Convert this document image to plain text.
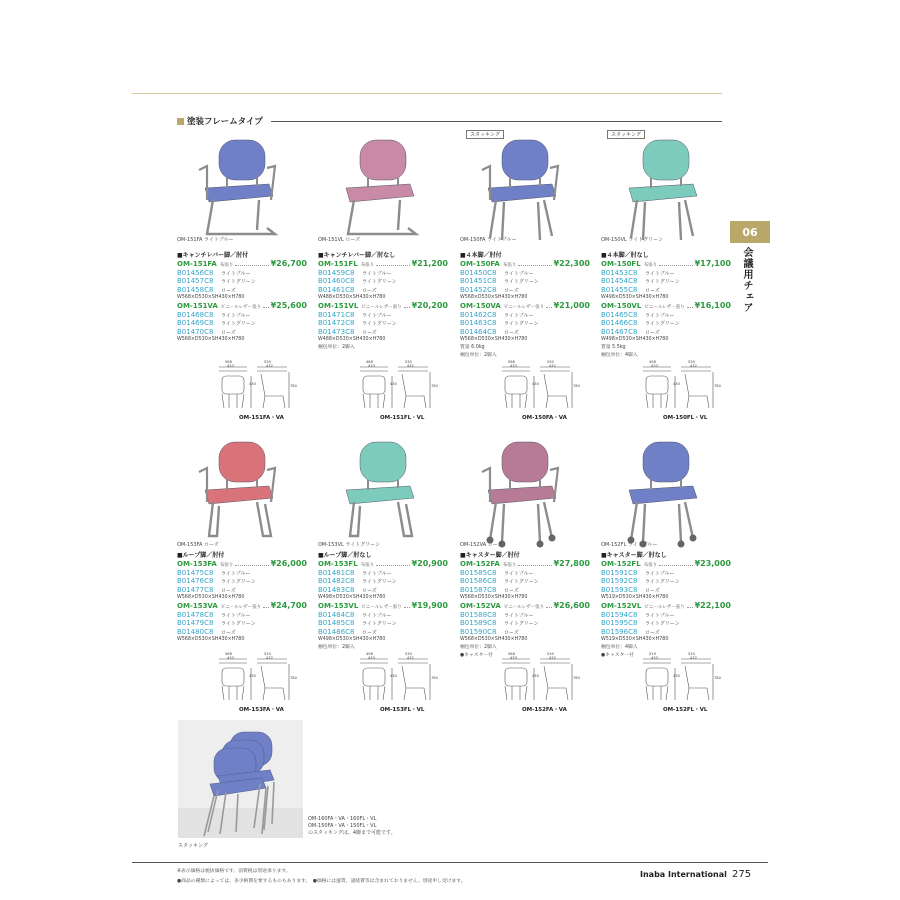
塗装フレームタイプ
06
会議用チェア
OM-151FA ライトブルー
■キャンチレバー脚／肘付
OM-151FA 布張り	¥26,700
B01456C8	ライトブルー
B01457C8	ライトグリーン
B01458C8	ローズ
W568×D530×SH430×H780
OM-151VA ビニールレザー張り ¥25,600
B01468C8	ライトブルー
B01469C8	ライトグリーン
B01470C8	ローズ
W568×D530×SH430×H780
OM-151FA・VA
568
433
530
432
430	780
OM-151VL ローズ
■キャンチレバー脚／肘なし
OM-151FL 布張り	¥21,200
B01459C8	ライトブルー
B01460C8	ライトグリーン
B01461C8	ローズ
W488×D530×SH430×H780
OM-151VL ビニールレザー張り ¥20,200
B01471C8	ライトブルー
B01472C8	ライトグリーン
B01473C8	ローズ
W488×D530×SH430×H780
梱包単位：2脚入
OM-151FL・VL
488
433
530
432
430	780
スタッキング
OM-150FA ライトブルー
■４本脚／肘付
OM-150FA 布張り	¥22,300
B01450C8	ライトブルー
B01451C8	ライトグリーン
B01452C8	ローズ
W568×D530×SH430×H780
OM-150VA ビニールレザー張り ¥21,000
B01462C8	ライトブルー
B01463C8	ライトグリーン
B01464C8	ローズ
W568×D530×SH430×H780
質量 6.0kg
梱包単位：2脚入
OM-150FA・VA
568
433
530
432
430	780
スタッキング
OM-150VL ライトグリーン
■４本脚／肘なし
OM-150FL 布張り	¥17,100
B01453C8	ライトブルー
B01454C8	ライトグリーン
B01455C8	ローズ
W498×D530×SH430×H780
OM-150VL ビニールレザー張り ¥16,100
B01465C8	ライトブルー
B01466C8	ライトグリーン
B01467C8	ローズ
W498×D530×SH430×H780
質量 5.5kg
梱包単位：4脚入
OM-150FL・VL
498
433
530
432
430	780
OM-153FA ローズ
■ループ脚／肘付
OM-153FA 布張り	¥26,000
B01475C8	ライトブルー
B01476C8	ライトグリーン
B01477C8	ローズ
W568×D530×SH430×H780
OM-153VA ビニールレザー張り ¥24,700
B01478C8	ライトブルー
B01479C8	ライトグリーン
B01480C8	ローズ
W568×D530×SH430×H780
OM-153FA・VA
568
433
530
432
430	780
OM-153VL ライトグリーン
■ループ脚／肘なし
OM-153FL 布張り	¥20,900
B01481C8	ライトブルー
B01482C8	ライトグリーン
B01483C8	ローズ
W498×D530×SH430×H780
OM-153VL ビニールレザー張り ¥19,900
B01484C8	ライトブルー
B01485C8	ライトグリーン
B01486C8	ローズ
W498×D530×SH430×H780
梱包単位：2脚入
OM-153FL・VL
498
433
530
432
430	780
OM-152VA ローズ
■キャスター脚／肘付
OM-152FA 布張り	¥27,800
B01585C8	ライトブルー
B01586C8	ライトグリーン
B01587C8	ローズ
W568×D530×SH430×H780
OM-152VA ビニールレザー張り ¥26,600
B01588C8	ライトブルー
B01589C8	ライトグリーン
B01590C8	ローズ
W568×D530×SH430×H780
梱包単位：2脚入
●キャスター付
OM-152FA・VA
568
433
530
432
430	780
OM-152FL ライトブルー
■キャスター脚／肘なし
OM-152FL 布張り	¥23,000
B01591C8	ライトブルー
B01592C8	ライトグリーン
B01593C8	ローズ
W519×D530×SH430×H780
OM-152VL ビニールレザー張り ¥22,100
B01594C8	ライトブルー
B01595C8	ライトグリーン
B01596C8	ローズ
W519×D530×SH430×H780
梱包単位：4脚入
●キャスター付
OM-152FL・VL
519
433
530
432
430	780
スタッキング
OM-160FA・VA・160FL・VL
OM-150FA・VA・150FL・VL
のスタッキングは、4脚まで可能です。
※表示価格は税抜価格です。消費税は別途承ります。
●商品の種類によっては、多少納期を要するものもあります。　●価格には運賃、諸経費等は含まれておりません。別途申し受けます。
Inaba International 275
